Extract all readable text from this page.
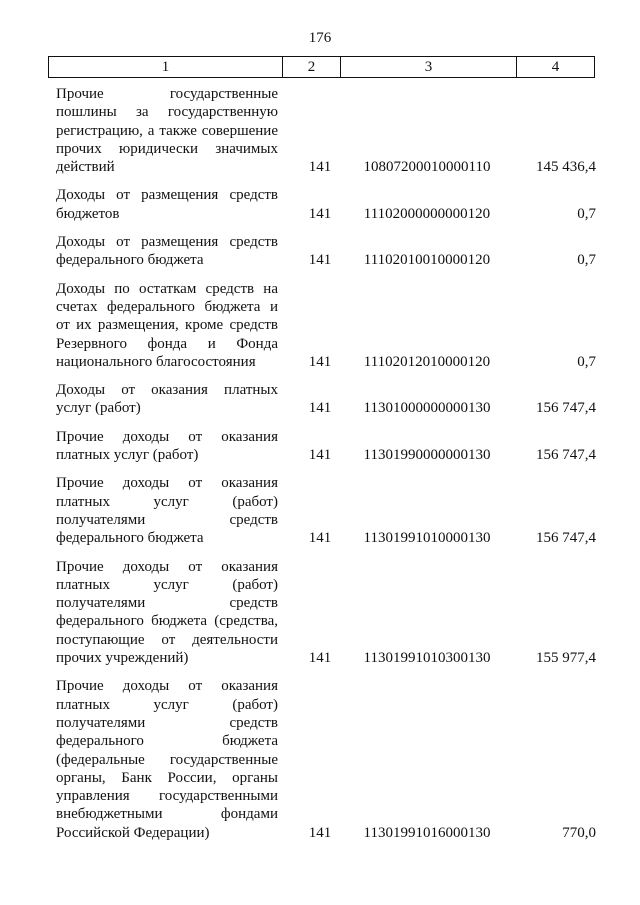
176
1	2	3	4
Прочие государственные пошлины за государственную регистрацию, а также совершение прочих юридически значимых действий	141	10807200010000110	145 436,4
Доходы от размещения средств бюджетов	141	11102000000000120	0,7
Доходы от размещения средств федерального бюджета	141	11102010010000120	0,7
Доходы по остаткам средств на счетах федерального бюджета и от их размещения, кроме средств Резервного фонда и Фонда национального благосостояния	141	11102012010000120	0,7
Доходы от оказания платных услуг (работ)	141	11301000000000130	156 747,4
Прочие доходы от оказания платных услуг (работ)	141	11301990000000130	156 747,4
Прочие доходы от оказания платных услуг (работ) получателями средств федерального бюджета	141	11301991010000130	156 747,4
Прочие доходы от оказания платных услуг (работ) получателями средств федерального бюджета (средства, поступающие от деятельности прочих учреждений)	141	11301991010300130	155 977,4
Прочие доходы от оказания платных услуг (работ) получателями средств федерального бюджета (федеральные государственные органы, Банк России, органы управления государственными внебюджетными фондами Российской Федерации)	141	11301991016000130	770,0
